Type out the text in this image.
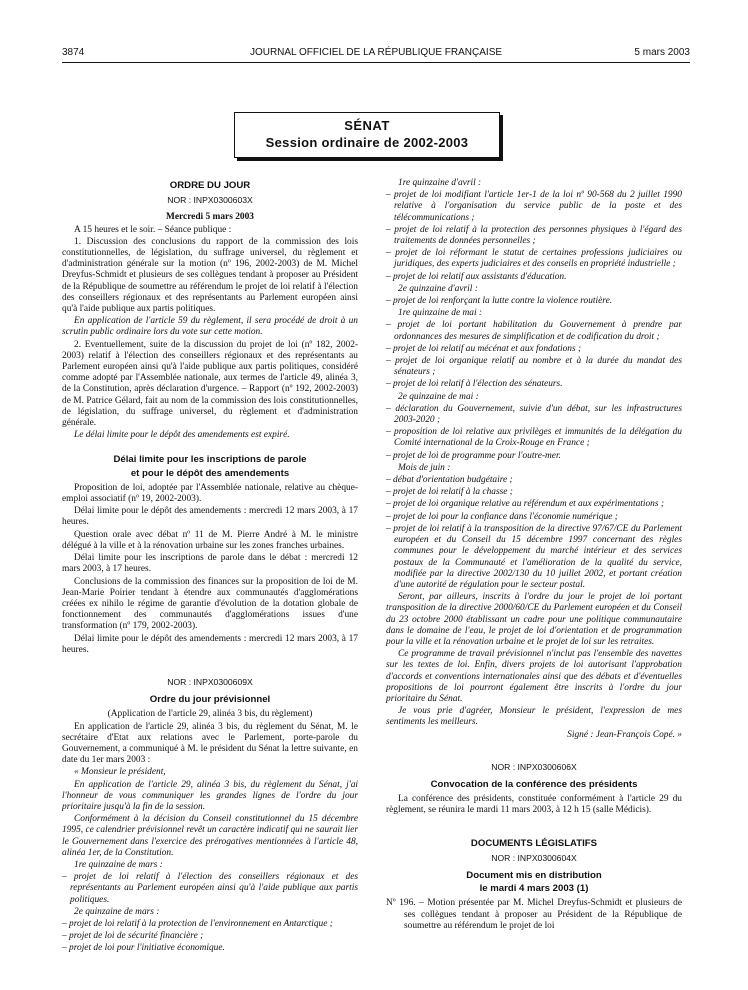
3874	JOURNAL OFFICIEL DE LA RÉPUBLIQUE FRANÇAISE	5 mars 2003
SÉNAT
Session ordinaire de 2002-2003

ORDRE DU JOUR

NOR : INPX0300603X

Mercredi 5 mars 2003

A 15 heures et le soir. – Séance publique :

1. Discussion des conclusions du rapport de la commission des lois constitutionnelles, de législation, du suffrage universel, du règlement et d'administration générale sur la motion (nº 196, 2002-2003) de M. Michel Dreyfus-Schmidt et plusieurs de ses collègues tendant à proposer au Président de la République de soumettre au référendum le projet de loi relatif à l'élection des conseillers régionaux et des représentants au Parlement européen ainsi qu'à l'aide publique aux partis politiques.

En application de l'article 59 du règlement, il sera procédé de droit à un scrutin public ordinaire lors du vote sur cette motion.

2. Eventuellement, suite de la discussion du projet de loi (nº 182, 2002-2003) relatif à l'élection des conseillers régionaux et des représentants au Parlement européen ainsi qu'à l'aide publique aux partis politiques, considéré comme adopté par l'Assemblée nationale, aux termes de l'article 49, alinéa 3, de la Constitution, après déclaration d'urgence. – Rapport (nº 192, 2002-2003) de M. Patrice Gélard, fait au nom de la commission des lois constitutionnelles, de législation, du suffrage universel, du règlement et d'administration générale.

Le délai limite pour le dépôt des amendements est expiré.

Délai limite pour les inscriptions de parole

et pour le dépôt des amendements

Proposition de loi, adoptée par l'Assemblée nationale, relative au chèque-emploi associatif (nº 19, 2002-2003).

Délai limite pour le dépôt des amendements : mercredi 12 mars 2003, à 17 heures.

Question orale avec débat nº 11 de M. Pierre André à M. le ministre délégué à la ville et à la rénovation urbaine sur les zones franches urbaines.

Délai limite pour les inscriptions de parole dans le débat : mercredi 12 mars 2003, à 17 heures.

Conclusions de la commission des finances sur la proposition de loi de M. Jean-Marie Poirier tendant à étendre aux communautés d'agglomérations créées ex nihilo le régime de garantie d'évolution de la dotation globale de fonctionnement des communautés d'agglomérations issues d'une transformation (nº 179, 2002-2003).

Délai limite pour le dépôt des amendements : mercredi 12 mars 2003, à 17 heures.

NOR : INPX0300609X

Ordre du jour prévisionnel

(Application de l'article 29, alinéa 3 bis, du règlement)

En application de l'article 29, alinéa 3 bis, du règlement du Sénat, M. le secrétaire d'Etat aux relations avec le Parlement, porte-parole du Gouvernement, a communiqué à M. le président du Sénat la lettre suivante, en date du 1er mars 2003 :

« Monsieur le président,

En application de l'article 29, alinéa 3 bis, du règlement du Sénat, j'ai l'honneur de vous communiquer les grandes lignes de l'ordre du jour prioritaire jusqu'à la fin de la session.

Conformément à la décision du Conseil constitutionnel du 15 décembre 1995, ce calendrier prévisionnel revêt un caractère indicatif qui ne saurait lier le Gouvernement dans l'exercice des prérogatives mentionnées à l'article 48, alinéa 1er, de la Constitution.

1re quinzaine de mars :

– projet de loi relatif à l'élection des conseillers régionaux et des représentants au Parlement européen ainsi qu'à l'aide publique aux partis politiques.

2e quinzaine de mars :

– projet de loi relatif à la protection de l'environnement en Antarctique ;

– projet de loi de sécurité financière ;

– projet de loi pour l'initiative économique.

1re quinzaine d'avril :

– projet de loi modifiant l'article 1er-1 de la loi nº 90-568 du 2 juillet 1990 relative à l'organisation du service public de la poste et des télécommunications ;

– projet de loi relatif à la protection des personnes physiques à l'égard des traitements de données personnelles ;

– projet de loi réformant le statut de certaines professions judiciaires ou juridiques, des experts judiciaires et des conseils en propriété industrielle ;

– projet de loi relatif aux assistants d'éducation.

2e quinzaine d'avril :

– projet de loi renforçant la lutte contre la violence routière.

1re quinzaine de mai :

– projet de loi portant habilitation du Gouvernement à prendre par ordonnances des mesures de simplification et de codification du droit ;

– projet de loi relatif au mécénat et aux fondations ;

– projet de loi organique relatif au nombre et à la durée du mandat des sénateurs ;

– projet de loi relatif à l'élection des sénateurs.

2e quinzaine de mai :

– déclaration du Gouvernement, suivie d'un débat, sur les infrastructures 2003-2020 ;

– proposition de loi relative aux privilèges et immunités de la délégation du Comité international de la Croix-Rouge en France ;

– projet de loi de programme pour l'outre-mer.

Mois de juin :

– débat d'orientation budgétaire ;

– projet de loi relatif à la chasse ;

– projet de loi organique relative au référendum et aux expérimentations ;

– projet de loi pour la confiance dans l'économie numérique ;

– projet de loi relatif à la transposition de la directive 97/67/CE du Parlement européen et du Conseil du 15 décembre 1997 concernant des règles communes pour le développement du marché intérieur et des services postaux de la Communauté et l'amélioration de la qualité du service, modifiée par la directive 2002/130 du 10 juillet 2002, et portant création d'une autorité de régulation pour le secteur postal.

Seront, par ailleurs, inscrits à l'ordre du jour le projet de loi portant transposition de la directive 2000/60/CE du Parlement européen et du Conseil du 23 octobre 2000 établissant un cadre pour une politique communautaire dans le domaine de l'eau, le projet de loi d'orientation et de programmation pour la ville et la rénovation urbaine et le projet de loi sur les retraites.

Ce programme de travail prévisionnel n'inclut pas l'ensemble des navettes sur les textes de loi. Enfin, divers projets de loi autorisant l'approbation d'accords et conventions internationales ainsi que des débats et d'éventuelles propositions de loi pourront également être inscrits à l'ordre du jour prioritaire du Sénat.

Je vous prie d'agréer, Monsieur le président, l'expression de mes sentiments les meilleurs.

Signé : Jean-François Copé. »

NOR : INPX0300606X

Convocation de la conférence des présidents

La conférence des présidents, constituée conformément à l'article 29 du règlement, se réunira le mardi 11 mars 2003, à 12 h 15 (salle Médicis).

DOCUMENTS LÉGISLATIFS

NOR : INPX0300604X

Document mis en distribution

le mardi 4 mars 2003 (1)

Nº 196. – Motion présentée par M. Michel Dreyfus-Schmidt et plusieurs de ses collègues tendant à proposer au Président de la République de soumettre au référendum le projet de loi
